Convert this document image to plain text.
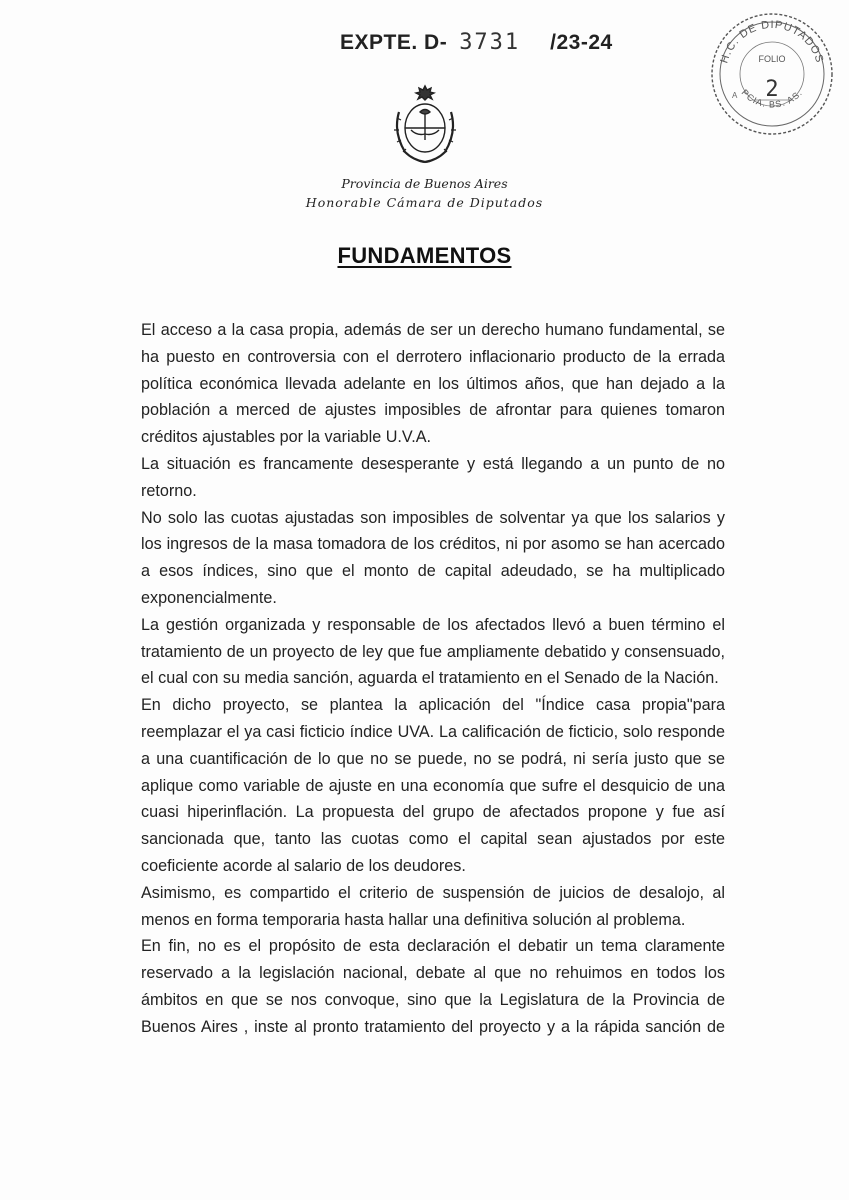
EXPTE. D- 3731 /23-24
H.C. DE DIPUTADOS
PCIA. BS. AS.
FOLIO
2
A
Provincia de Buenos Aires
Honorable Cámara de Diputados
FUNDAMENTOS

El acceso a la casa propia, además de ser un derecho humano fundamental, se ha puesto en controversia con el derrotero inflacionario producto de la errada política económica llevada adelante en los últimos años, que han dejado a la población a merced de ajustes imposibles de afrontar para quienes tomaron créditos ajustables por la variable U.V.A.

La situación es francamente desesperante y está llegando a un punto de no retorno.

No solo las cuotas ajustadas son imposibles de solventar ya que los salarios y los ingresos de la masa tomadora de los créditos, ni por asomo se han acercado a esos índices, sino que el monto de capital adeudado, se ha multiplicado exponencialmente.

La gestión organizada y responsable de los afectados llevó a buen término el tratamiento de un proyecto de ley que fue ampliamente debatido y consensuado, el cual con su media sanción, aguarda el tratamiento en el Senado de la Nación.

En dicho proyecto, se plantea la aplicación del "Índice casa propia"para reemplazar el ya casi ficticio índice UVA. La calificación de ficticio, solo responde a una cuantificación de lo que no se puede, no se podrá, ni sería justo que se aplique como variable de ajuste en una economía que sufre el desquicio de una cuasi hiperinflación. La propuesta del grupo de afectados propone y fue así sancionada que, tanto las cuotas como el capital sean ajustados por este coeficiente acorde al salario de los deudores.

Asimismo, es compartido el criterio de suspensión de juicios de desalojo, al menos en forma temporaria hasta hallar una definitiva solución al problema.

En fin, no es el propósito de esta declaración el debatir un tema claramente reservado a la legislación nacional, debate al que no rehuimos en todos los ámbitos en que se nos convoque, sino que la Legislatura de la Provincia de Buenos Aires , inste al pronto tratamiento del proyecto y a la rápida sanción de
